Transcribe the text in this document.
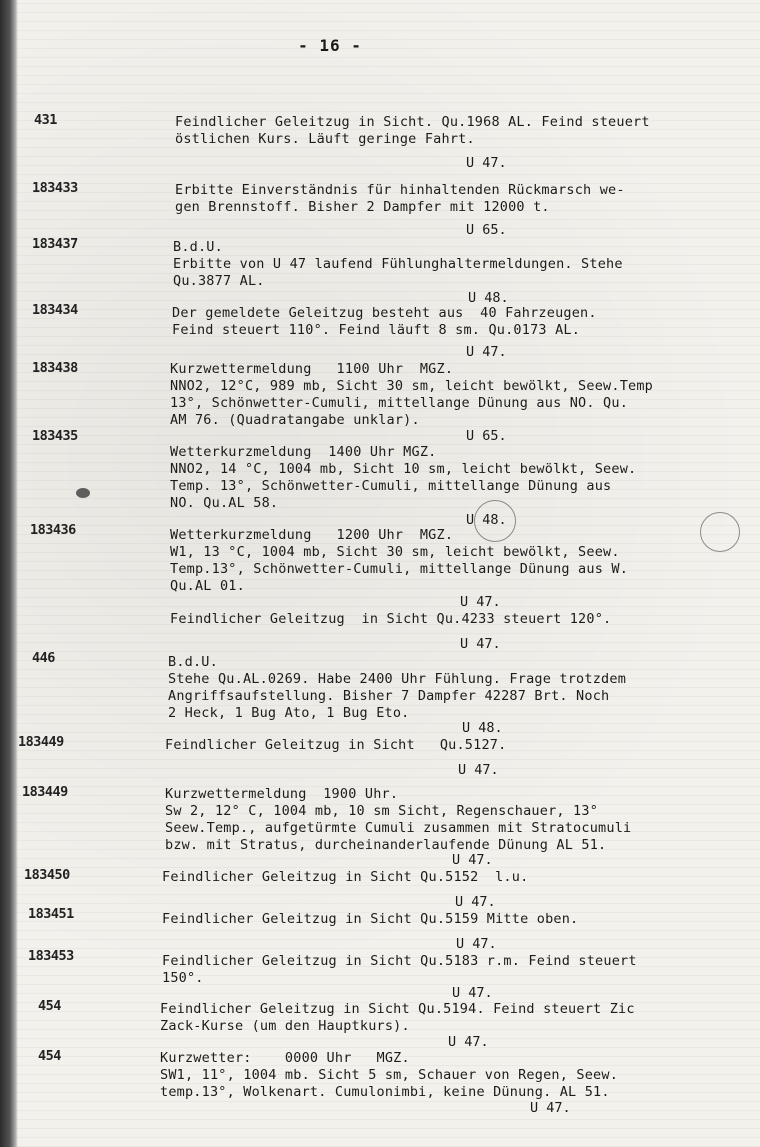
- 16 -
431	Feindlicher Geleitzug in Sicht. Qu.1968 AL. Feind steuert
östlichen Kurs. Läuft geringe Fahrt.
U 47.
183433	Erbitte Einverständnis für hinhaltenden Rückmarsch we-
gen Brennstoff. Bisher 2 Dampfer mit 12000 t.
U 65.
183437	B.d.U.
Erbitte von U 47 laufend Fühlunghaltermeldungen. Stehe
Qu.3877 AL.
U 48.
183434	Der gemeldete Geleitzug besteht aus  40 Fahrzeugen.
Feind steuert 110°. Feind läuft 8 sm. Qu.0173 AL.
U 47.
183438	Kurzwettermeldung   1100 Uhr  MGZ.
NNO2, 12°C, 989 mb, Sicht 30 sm, leicht bewölkt, Seew.Temp
13°, Schönwetter-Cumuli, mittellange Dünung aus NO. Qu.
AM 76. (Quadratangabe unklar).
U 65.
183435
Wetterkurzmeldung  1400 Uhr MGZ.
NNO2, 14 °C, 1004 mb, Sicht 10 sm, leicht bewölkt, Seew.
Temp. 13°, Schönwetter-Cumuli, mittellange Dünung aus
NO. Qu.AL 58.
U 48.
183436	Wetterkurzmeldung   1200 Uhr  MGZ.
W1, 13 °C, 1004 mb, Sicht 30 sm, leicht bewölkt, Seew.
Temp.13°, Schönwetter-Cumuli, mittellange Dünung aus W.
Qu.AL 01.
U 47.
Feindlicher Geleitzug  in Sicht Qu.4233 steuert 120°.
U 47.
446	B.d.U.
Stehe Qu.AL.0269. Habe 2400 Uhr Fühlung. Frage trotzdem
Angriffsaufstellung. Bisher 7 Dampfer 42287 Brt. Noch
2 Heck, 1 Bug Ato, 1 Bug Eto.
U 48.
183449	Feindlicher Geleitzug in Sicht   Qu.5127.
U 47.
183449	Kurzwettermeldung  1900 Uhr.
Sw 2, 12° C, 1004 mb, 10 sm Sicht, Regenschauer, 13°
Seew.Temp., aufgetürmte Cumuli zusammen mit Stratocumuli
bzw. mit Stratus, durcheinanderlaufende Dünung AL 51.
U 47.
183450	Feindlicher Geleitzug in Sicht Qu.5152  l.u.
U 47.
183451	Feindlicher Geleitzug in Sicht Qu.5159 Mitte oben.
U 47.
183453	Feindlicher Geleitzug in Sicht Qu.5183 r.m. Feind steuert
150°.
U 47.
454	Feindlicher Geleitzug in Sicht Qu.5194. Feind steuert Zic
Zack-Kurse (um den Hauptkurs).
U 47.
454	Kurzwetter:    0000 Uhr   MGZ.
SW1, 11°, 1004 mb. Sicht 5 sm, Schauer von Regen, Seew.
temp.13°, Wolkenart. Cumulonimbi, keine Dünung. AL 51.
U 47.
